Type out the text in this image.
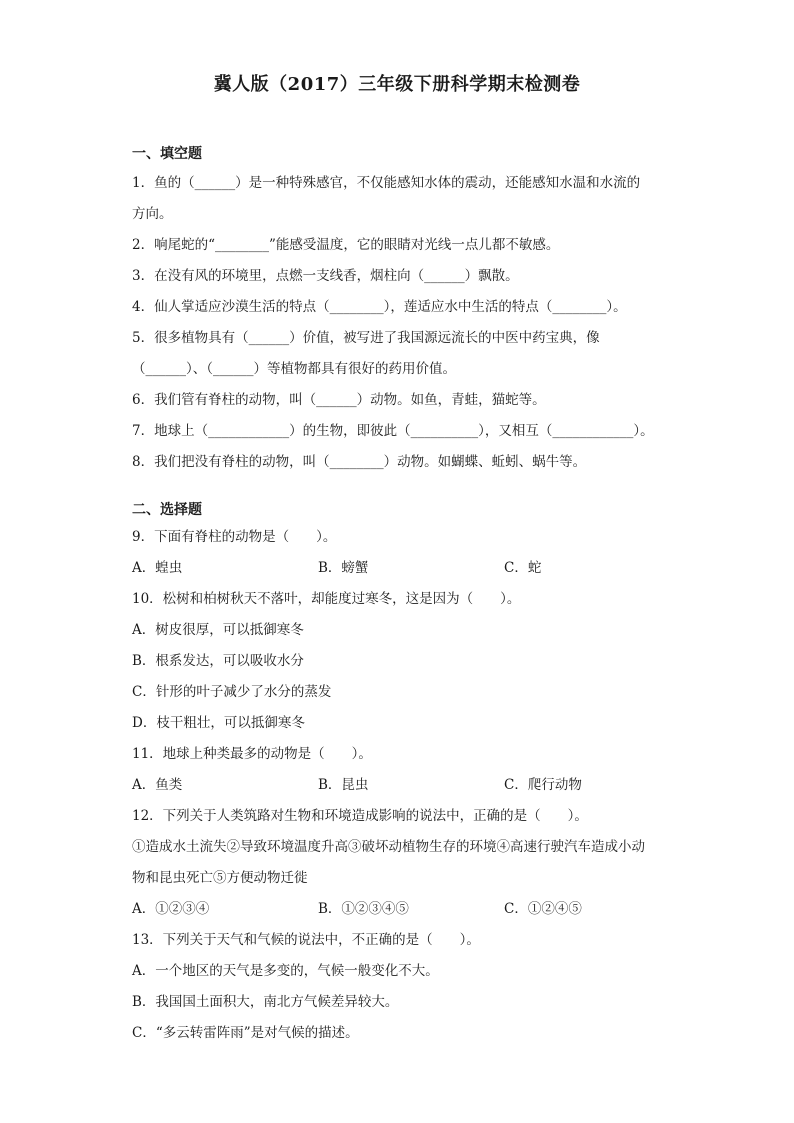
冀人版（2017）三年级下册科学期末检测卷

一、填空题

1．鱼的（______）是一种特殊感官，不仅能感知水体的震动，还能感知水温和水流的

方向。

2．响尾蛇的“________”能感受温度，它的眼睛对光线一点儿都不敏感。

3．在没有风的环境里，点燃一支线香，烟柱向（______）飘散。

4．仙人掌适应沙漠生活的特点（________），莲适应水中生活的特点（________）。

5．很多植物具有（______）价值，被写进了我国源远流长的中医中药宝典，像

（______）、（______）等植物都具有很好的药用价值。

6．我们管有脊柱的动物，叫（______）动物。如鱼，青蛙，猫蛇等。

7．地球上（____________）的生物，即彼此（__________），又相互（____________）。

8．我们把没有脊柱的动物，叫（________）动物。如蝴蝶、蚯蚓、蜗牛等。

二、选择题

9．下面有脊柱的动物是（　　）。

A．蝗虫	B．螃蟹	C．蛇

10．松树和柏树秋天不落叶，却能度过寒冬，这是因为（　　）。

A．树皮很厚，可以抵御寒冬

B．根系发达，可以吸收水分

C．针形的叶子减少了水分的蒸发

D．枝干粗壮，可以抵御寒冬

11．地球上种类最多的动物是（　　）。

A．鱼类	B．昆虫	C．爬行动物

12．下列关于人类筑路对生物和环境造成影响的说法中，正确的是（　　）。

①造成水土流失②导致环境温度升高③破坏动植物生存的环境④高速行驶汽车造成小动

物和昆虫死亡⑤方便动物迁徙

A．①②③④	B．①②③④⑤	C．①②④⑤

13．下列关于天气和气候的说法中，不正确的是（　　）。

A．一个地区的天气是多变的，气候一般变化不大。

B．我国国土面积大，南北方气候差异较大。

C．“多云转雷阵雨”是对气候的描述。
